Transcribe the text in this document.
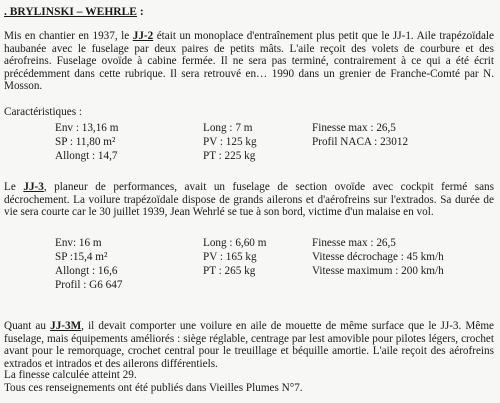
. BRYLINSKI – WEHRLE :

Mis en chantier en 1937, le JJ-2 était un monoplace d'entraînement plus petit que le JJ-1. Aile trapézoïdale haubanée avec le fuselage par deux paires de petits mâts. L'aile reçoit des volets de courbure et des aérofreins. Fuselage ovoïde à cabine fermée. Il ne sera pas terminé, contrairement à ce qui a été écrit précédemment dans cette rubrique. Il sera retrouvé en… 1990 dans un grenier de Franche-Comté par N. Mosson.

Caractéristiques :
Env : 13,16 m	Long : 7 m	Finesse max : 26,5
SP : 11,80 m²	PV : 125 kg	Profil NACA : 23012
Allongt : 14,7	PT : 225 kg

Le JJ-3, planeur de performances, avait un fuselage de section ovoïde avec cockpit fermé sans décrochement. La voilure trapézoïdale dispose de grands ailerons et d'aérofreins sur l'extrados. Sa durée de vie sera courte car le 30 juillet 1939, Jean Wehrlé se tue à son bord, victime d'un malaise en vol.

Env: 16 m	Long : 6,60 m	Finesse max : 26,5
SP :15,4 m²	PV : 165 kg	Vitesse décrochage : 45 km/h
Allongt : 16,6	PT : 265 kg	Vitesse maximum : 200 km/h
Profil : G6 647

Quant au JJ-3M, il devait comporter une voilure en aile de mouette de même surface que le JJ-3. Même fuselage, mais équipements améliorés : siège réglable, centrage par lest amovible pour pilotes légers, crochet avant pour le remorquage, crochet central pour le treuillage et béquille amortie. L'aile reçoit des aérofreins extrados et intrados et des ailerons différentiels.

La finesse calculée atteint 29.
Tous ces renseignements ont été publiés dans Vieilles Plumes N°7.
